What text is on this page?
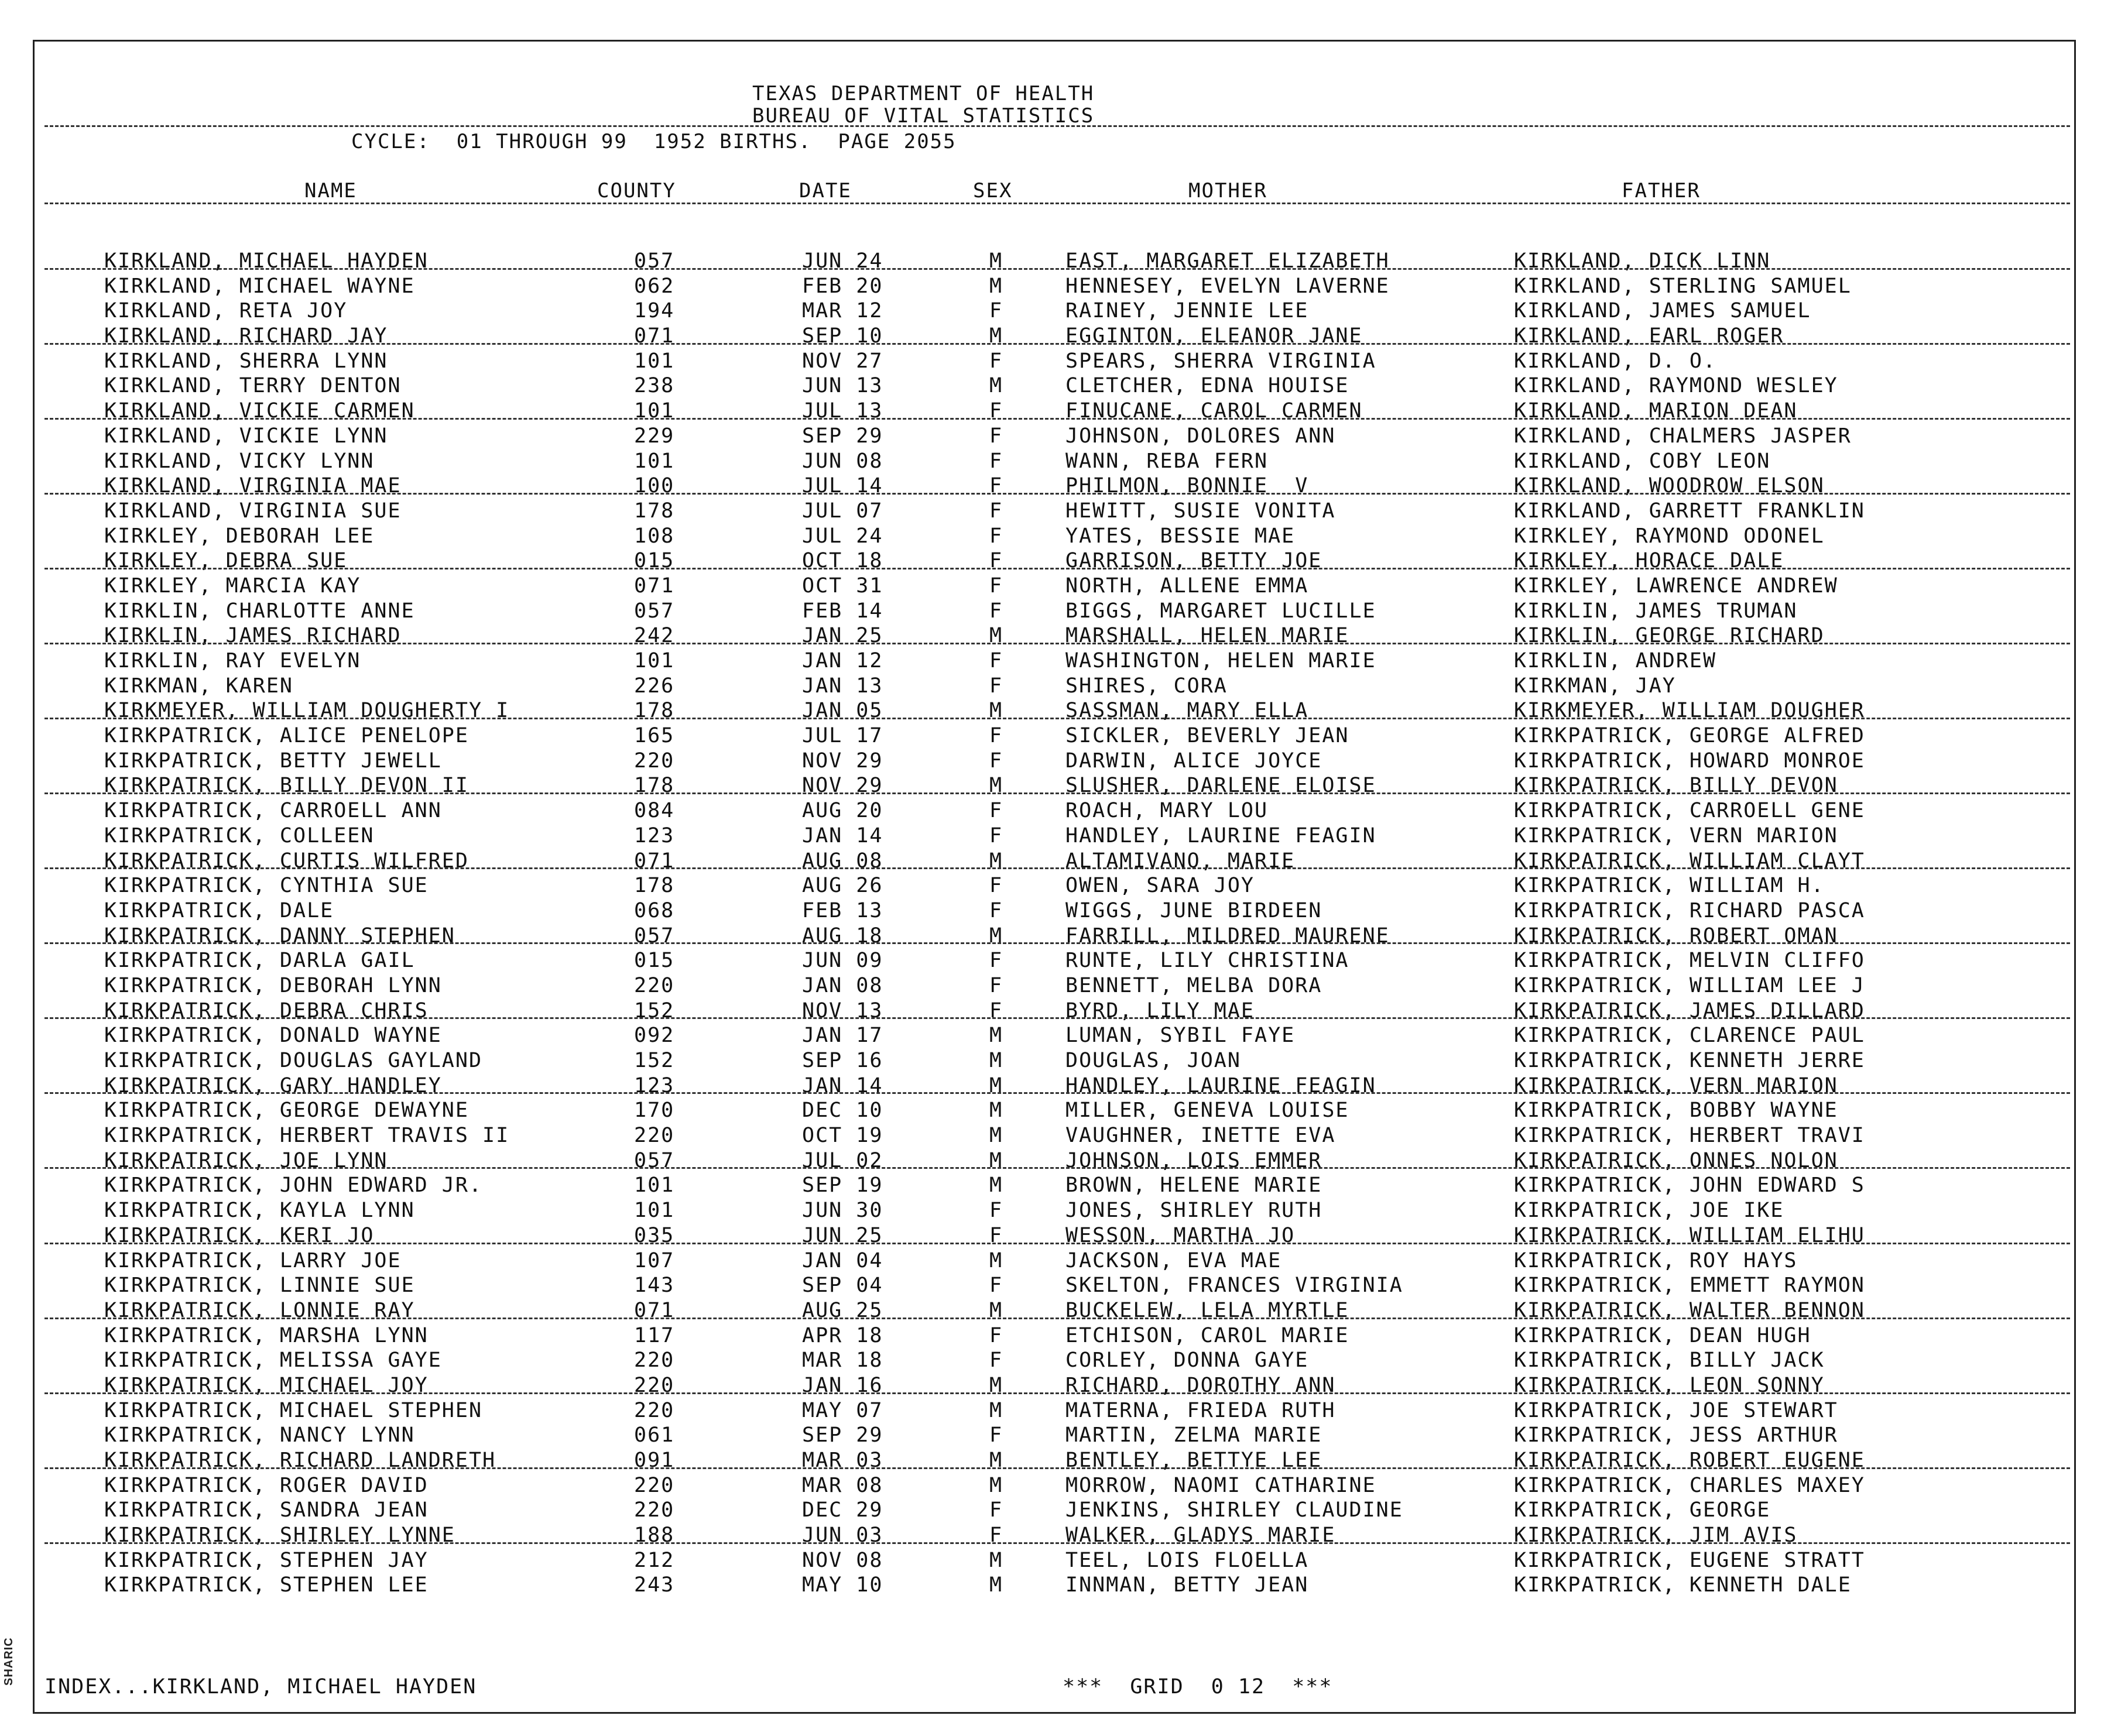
SHARIC
TEXAS DEPARTMENT OF HEALTH
BUREAU OF VITAL STATISTICS
CYCLE:  01 THROUGH 99  1952 BIRTHS.  PAGE 2055
NAME	COUNTY	DATE	SEX	MOTHER	FATHER
KIRKLAND, MICHAEL HAYDEN	057	JUN 24	M	EAST, MARGARET ELIZABETH	KIRKLAND, DICK LINN
KIRKLAND, MICHAEL WAYNE	062	FEB 20	M	HENNESEY, EVELYN LAVERNE	KIRKLAND, STERLING SAMUEL
KIRKLAND, RETA JOY	194	MAR 12	F	RAINEY, JENNIE LEE	KIRKLAND, JAMES SAMUEL
KIRKLAND, RICHARD JAY	071	SEP 10	M	EGGINTON, ELEANOR JANE	KIRKLAND, EARL ROGER
KIRKLAND, SHERRA LYNN	101	NOV 27	F	SPEARS, SHERRA VIRGINIA	KIRKLAND, D. O.
KIRKLAND, TERRY DENTON	238	JUN 13	M	CLETCHER, EDNA HOUISE	KIRKLAND, RAYMOND WESLEY
KIRKLAND, VICKIE CARMEN	101	JUL 13	F	FINUCANE, CAROL CARMEN	KIRKLAND, MARION DEAN
KIRKLAND, VICKIE LYNN	229	SEP 29	F	JOHNSON, DOLORES ANN	KIRKLAND, CHALMERS JASPER
KIRKLAND, VICKY LYNN	101	JUN 08	F	WANN, REBA FERN	KIRKLAND, COBY LEON
KIRKLAND, VIRGINIA MAE	100	JUL 14	F	PHILMON, BONNIE  V	KIRKLAND, WOODROW ELSON
KIRKLAND, VIRGINIA SUE	178	JUL 07	F	HEWITT, SUSIE VONITA	KIRKLAND, GARRETT FRANKLIN
KIRKLEY, DEBORAH LEE	108	JUL 24	F	YATES, BESSIE MAE	KIRKLEY, RAYMOND ODONEL
KIRKLEY, DEBRA SUE	015	OCT 18	F	GARRISON, BETTY JOE	KIRKLEY, HORACE DALE
KIRKLEY, MARCIA KAY	071	OCT 31	F	NORTH, ALLENE EMMA	KIRKLEY, LAWRENCE ANDREW
KIRKLIN, CHARLOTTE ANNE	057	FEB 14	F	BIGGS, MARGARET LUCILLE	KIRKLIN, JAMES TRUMAN
KIRKLIN, JAMES RICHARD	242	JAN 25	M	MARSHALL, HELEN MARIE	KIRKLIN, GEORGE RICHARD
KIRKLIN, RAY EVELYN	101	JAN 12	F	WASHINGTON, HELEN MARIE	KIRKLIN, ANDREW
KIRKMAN, KAREN	226	JAN 13	F	SHIRES, CORA	KIRKMAN, JAY
KIRKMEYER, WILLIAM DOUGHERTY I	178	JAN 05	M	SASSMAN, MARY ELLA	KIRKMEYER, WILLIAM DOUGHER
KIRKPATRICK, ALICE PENELOPE	165	JUL 17	F	SICKLER, BEVERLY JEAN	KIRKPATRICK, GEORGE ALFRED
KIRKPATRICK, BETTY JEWELL	220	NOV 29	F	DARWIN, ALICE JOYCE	KIRKPATRICK, HOWARD MONROE
KIRKPATRICK, BILLY DEVON II	178	NOV 29	M	SLUSHER, DARLENE ELOISE	KIRKPATRICK, BILLY DEVON
KIRKPATRICK, CARROELL ANN	084	AUG 20	F	ROACH, MARY LOU	KIRKPATRICK, CARROELL GENE
KIRKPATRICK, COLLEEN	123	JAN 14	F	HANDLEY, LAURINE FEAGIN	KIRKPATRICK, VERN MARION
KIRKPATRICK, CURTIS WILFRED	071	AUG 08	M	ALTAMIVANO, MARIE	KIRKPATRICK, WILLIAM CLAYT
KIRKPATRICK, CYNTHIA SUE	178	AUG 26	F	OWEN, SARA JOY	KIRKPATRICK, WILLIAM H.
KIRKPATRICK, DALE	068	FEB 13	F	WIGGS, JUNE BIRDEEN	KIRKPATRICK, RICHARD PASCA
KIRKPATRICK, DANNY STEPHEN	057	AUG 18	M	FARRILL, MILDRED MAURENE	KIRKPATRICK, ROBERT OMAN
KIRKPATRICK, DARLA GAIL	015	JUN 09	F	RUNTE, LILY CHRISTINA	KIRKPATRICK, MELVIN CLIFFO
KIRKPATRICK, DEBORAH LYNN	220	JAN 08	F	BENNETT, MELBA DORA	KIRKPATRICK, WILLIAM LEE J
KIRKPATRICK, DEBRA CHRIS	152	NOV 13	F	BYRD, LILY MAE	KIRKPATRICK, JAMES DILLARD
KIRKPATRICK, DONALD WAYNE	092	JAN 17	M	LUMAN, SYBIL FAYE	KIRKPATRICK, CLARENCE PAUL
KIRKPATRICK, DOUGLAS GAYLAND	152	SEP 16	M	DOUGLAS, JOAN	KIRKPATRICK, KENNETH JERRE
KIRKPATRICK, GARY HANDLEY	123	JAN 14	M	HANDLEY, LAURINE FEAGIN	KIRKPATRICK, VERN MARION
KIRKPATRICK, GEORGE DEWAYNE	170	DEC 10	M	MILLER, GENEVA LOUISE	KIRKPATRICK, BOBBY WAYNE
KIRKPATRICK, HERBERT TRAVIS II	220	OCT 19	M	VAUGHNER, INETTE EVA	KIRKPATRICK, HERBERT TRAVI
KIRKPATRICK, JOE LYNN	057	JUL 02	M	JOHNSON, LOIS EMMER	KIRKPATRICK, ONNES NOLON
KIRKPATRICK, JOHN EDWARD JR.	101	SEP 19	M	BROWN, HELENE MARIE	KIRKPATRICK, JOHN EDWARD S
KIRKPATRICK, KAYLA LYNN	101	JUN 30	F	JONES, SHIRLEY RUTH	KIRKPATRICK, JOE IKE
KIRKPATRICK, KERI JO	035	JUN 25	F	WESSON, MARTHA JO	KIRKPATRICK, WILLIAM ELIHU
KIRKPATRICK, LARRY JOE	107	JAN 04	M	JACKSON, EVA MAE	KIRKPATRICK, ROY HAYS
KIRKPATRICK, LINNIE SUE	143	SEP 04	F	SKELTON, FRANCES VIRGINIA	KIRKPATRICK, EMMETT RAYMON
KIRKPATRICK, LONNIE RAY	071	AUG 25	M	BUCKELEW, LELA MYRTLE	KIRKPATRICK, WALTER BENNON
KIRKPATRICK, MARSHA LYNN	117	APR 18	F	ETCHISON, CAROL MARIE	KIRKPATRICK, DEAN HUGH
KIRKPATRICK, MELISSA GAYE	220	MAR 18	F	CORLEY, DONNA GAYE	KIRKPATRICK, BILLY JACK
KIRKPATRICK, MICHAEL JOY	220	JAN 16	M	RICHARD, DOROTHY ANN	KIRKPATRICK, LEON SONNY
KIRKPATRICK, MICHAEL STEPHEN	220	MAY 07	M	MATERNA, FRIEDA RUTH	KIRKPATRICK, JOE STEWART
KIRKPATRICK, NANCY LYNN	061	SEP 29	F	MARTIN, ZELMA MARIE	KIRKPATRICK, JESS ARTHUR
KIRKPATRICK, RICHARD LANDRETH	091	MAR 03	M	BENTLEY, BETTYE LEE	KIRKPATRICK, ROBERT EUGENE
KIRKPATRICK, ROGER DAVID	220	MAR 08	M	MORROW, NAOMI CATHARINE	KIRKPATRICK, CHARLES MAXEY
KIRKPATRICK, SANDRA JEAN	220	DEC 29	F	JENKINS, SHIRLEY CLAUDINE	KIRKPATRICK, GEORGE
KIRKPATRICK, SHIRLEY LYNNE	188	JUN 03	F	WALKER, GLADYS MARIE	KIRKPATRICK, JIM AVIS
KIRKPATRICK, STEPHEN JAY	212	NOV 08	M	TEEL, LOIS FLOELLA	KIRKPATRICK, EUGENE STRATT
KIRKPATRICK, STEPHEN LEE	243	MAY 10	M	INNMAN, BETTY JEAN	KIRKPATRICK, KENNETH DALE
INDEX...KIRKLAND, MICHAEL HAYDEN	***  GRID  0 12  ***
